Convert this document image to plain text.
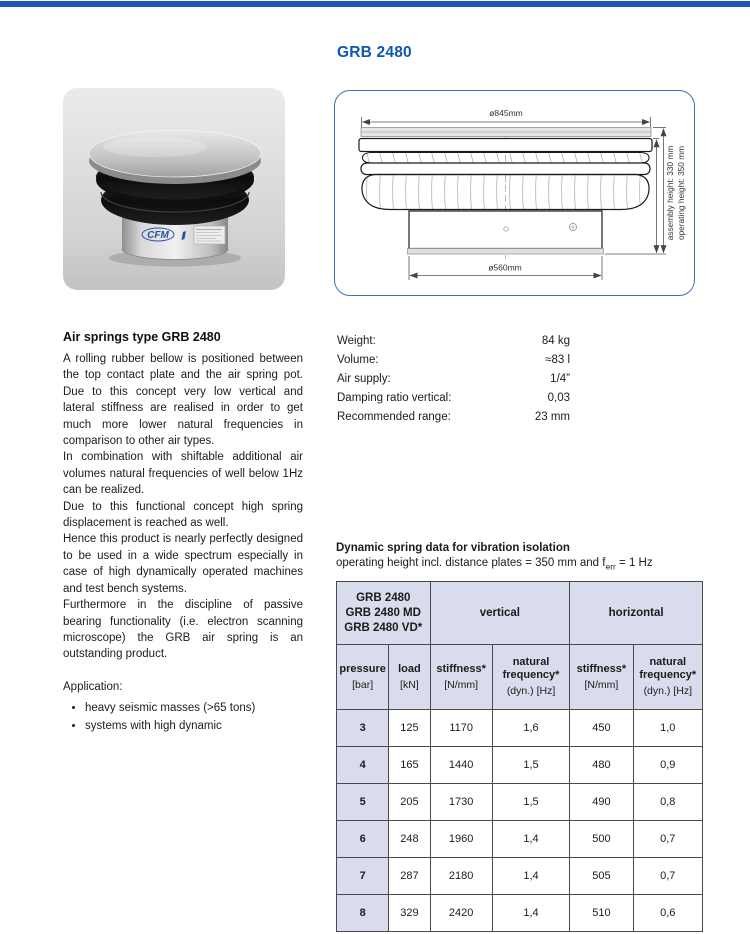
GRB 2480
CFM
ø845mm
ø560mm
assembly height: 330 mm operating height: 350 mm
Air springs type GRB 2480

A rolling rubber bellow is positioned between the top contact plate and the air spring pot. Due to this concept very low vertical and lateral stiffness are realised in order to get much more lower natural frequencies in comparison to other air types.

In combination with shiftable additional air volumes natural frequencies of well below 1Hz can be realized.

Due to this functional concept high spring displacement is reached as well.

Hence this product is nearly perfectly designed to be used in a wide spectrum especially in case of high dynamically operated machines and test bench systems.

Furthermore in the discipline of passive bearing functionality (i.e. electron scanning microscope) the GRB air spring is an outstanding product.

Application:
• heavy seismic masses (>65 tons)
• systems with high dynamic
Weight:	84 kg
Volume:	≈83 l
Air supply:	1/4”
Damping ratio vertical:	0,03
Recommended range:	23 mm
Dynamic spring data for vibration isolation
operating height incl. distance plates = 350 mm and $f_{err} = 1$ Hz
GRB 2480
GRB 2480 MD
GRB 2480 VD*		vertical		horizontal	

pressure
[bar]

load
[kN]

stiffness*
[N/mm]

natural frequency*
(dyn.) [Hz]

stiffness*
[N/mm]

natural frequency*
(dyn.) [Hz]

3	125	1170	1,6	450	1,0
4	165	1440	1,5	480	0,9
5	205	1730	1,5	490	0,8
6	248	1960	1,4	500	0,7
7	287	2180	1,4	505	0,7
8	329	2420	1,4	510	0,6
